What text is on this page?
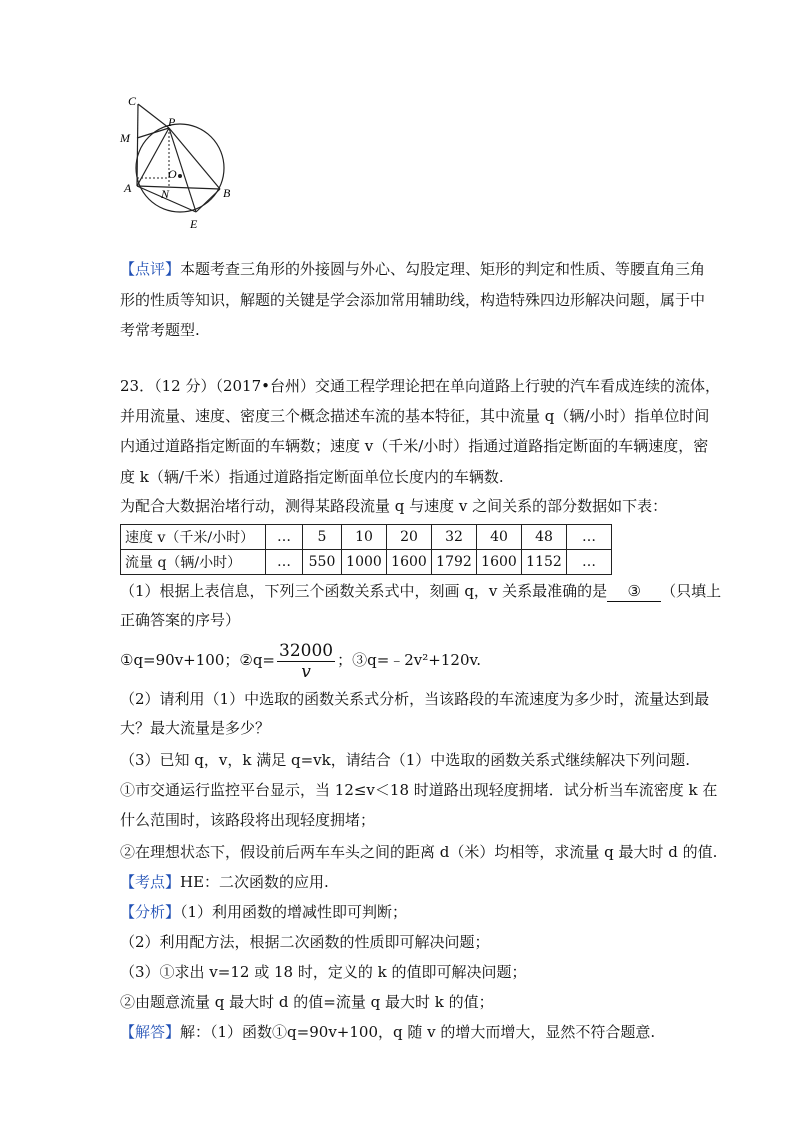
C
M
P
O
A N	B
E
【点评】本题考查三角形的外接圆与外心、勾股定理、矩形的判定和性质、等腰直角三角
形的性质等知识，解题的关键是学会添加常用辅助线，构造特殊四边形解决问题，属于中
考常考题型.
23．（12 分）（2017•台州）交通工程学理论把在单向道路上行驶的汽车看成连续的流体，
并用流量、速度、密度三个概念描述车流的基本特征，其中流量 q（辆/小时）指单位时间
内通过道路指定断面的车辆数；速度 v（千米/小时）指通过道路指定断面的车辆速度，密
度 k（辆/千米）指通过道路指定断面单位长度内的车辆数.
为配合大数据治堵行动，测得某路段流量 q 与速度 v 之间关系的部分数据如下表：
速度 v（千米/小时）	…	5	10	20	32	40	48	…
流量 q（辆/小时）	…	550	1000	1600	1792	1600	1152	…
（1）根据上表信息，下列三个函数关系式中，刻画 q，v 关系最准确的是 ③ （只填上
正确答案的序号）
①q=90v+100；②q= $\frac{32000}{v}$ ；③q=﹣2v²+120v.
（2）请利用（1）中选取的函数关系式分析，当该路段的车流速度为多少时，流量达到最
大？最大流量是多少？
（3）已知 q，v，k 满足 q=vk，请结合（1）中选取的函数关系式继续解决下列问题.
①市交通运行监控平台显示，当 12≤v＜18 时道路出现轻度拥堵．试分析当车流密度 k 在
什么范围时，该路段将出现轻度拥堵；
②在理想状态下，假设前后两车车头之间的距离 d（米）均相等，求流量 q 最大时 d 的值.
【考点】HE：二次函数的应用.
【分析】（1）利用函数的增减性即可判断；
（2）利用配方法，根据二次函数的性质即可解决问题；
（3）①求出 v=12 或 18 时，定义的 k 的值即可解决问题；
②由题意流量 q 最大时 d 的值=流量 q 最大时 k 的值；
【解答】解：（1）函数①q=90v+100，q 随 v 的增大而增大，显然不符合题意.
